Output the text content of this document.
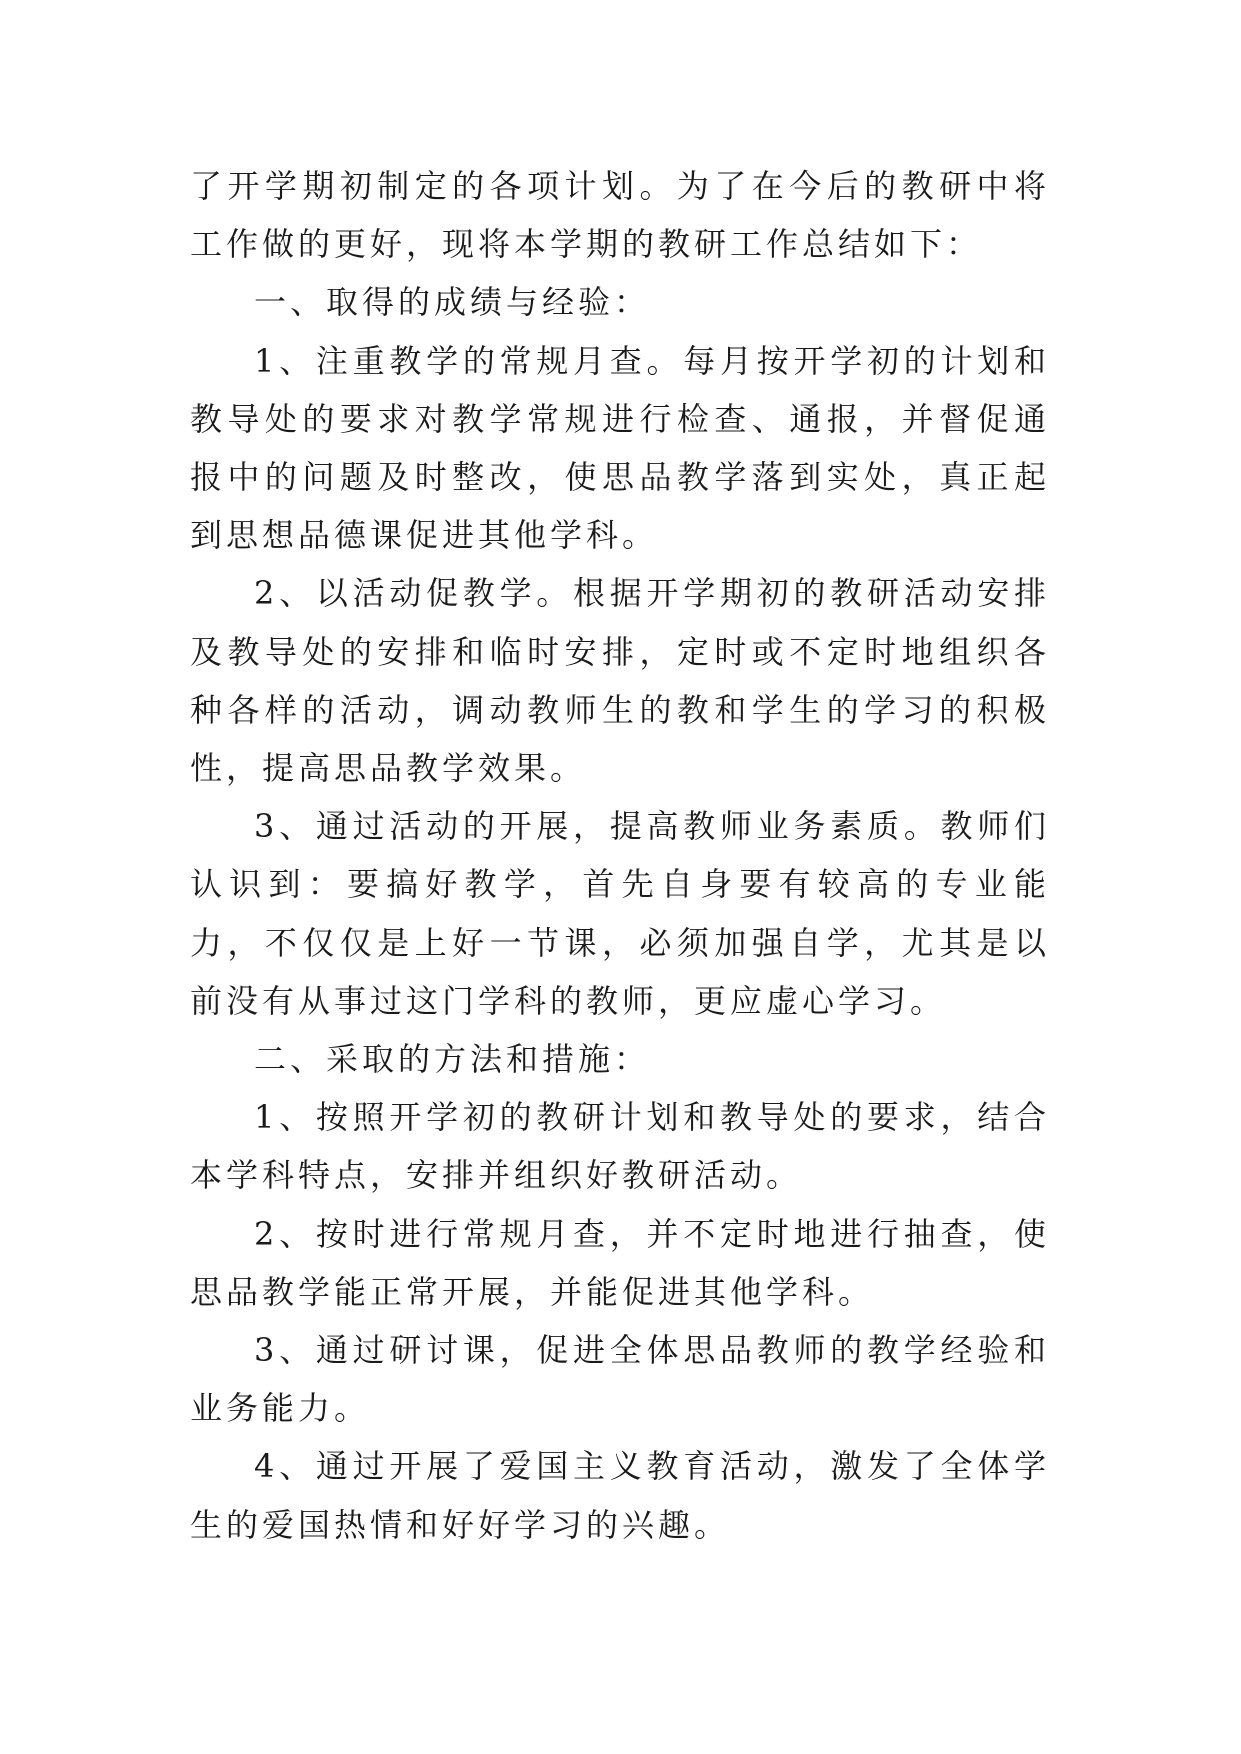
了开学期初制定的各项计划。为了在今后的教研中将工作做的更好，现将本学期的教研工作总结如下：

一、取得的成绩与经验：

1、注重教学的常规月查。每月按开学初的计划和教导处的要求对教学常规进行检查、通报，并督促通报中的问题及时整改，使思品教学落到实处，真正起到思想品德课促进其他学科。

2、以活动促教学。根据开学期初的教研活动安排及教导处的安排和临时安排，定时或不定时地组织各种各样的活动，调动教师生的教和学生的学习的积极性，提高思品教学效果。

3、通过活动的开展，提高教师业务素质。教师们认识到：要搞好教学，首先自身要有较高的专业能力，不仅仅是上好一节课，必须加强自学，尤其是以前没有从事过这门学科的教师，更应虚心学习。

二、采取的方法和措施：

1、按照开学初的教研计划和教导处的要求，结合本学科特点，安排并组织好教研活动。

2、按时进行常规月查，并不定时地进行抽查，使思品教学能正常开展，并能促进其他学科。

3、通过研讨课，促进全体思品教师的教学经验和业务能力。

4、通过开展了爱国主义教育活动，激发了全体学生的爱国热情和好好学习的兴趣。
